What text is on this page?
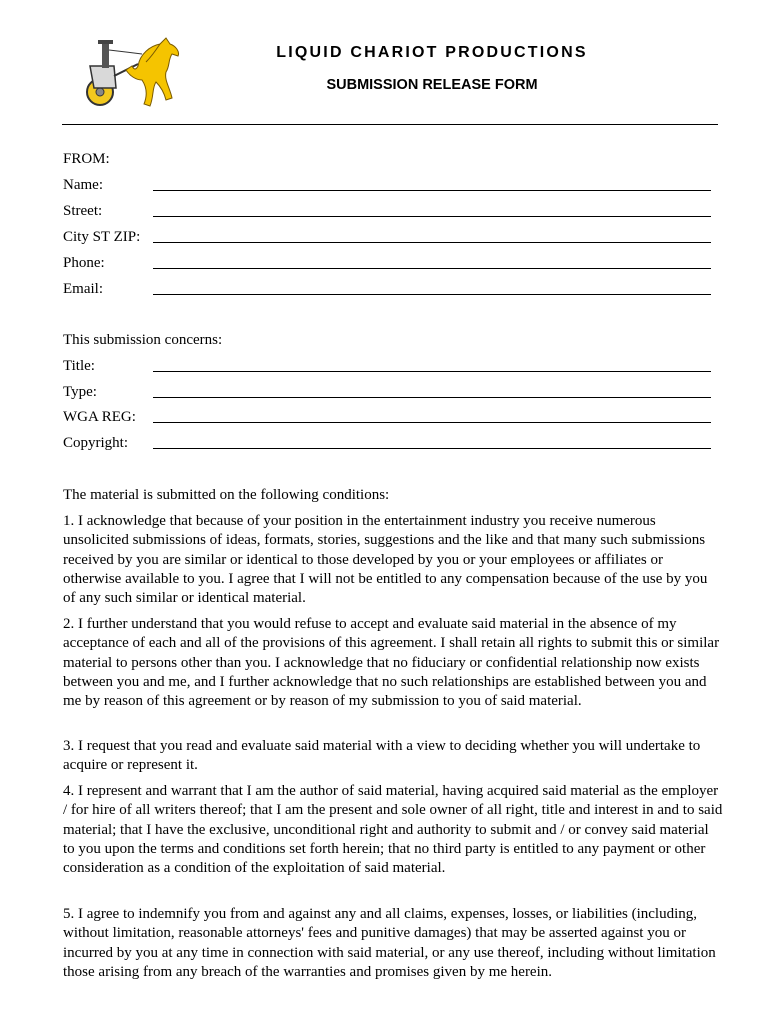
LIQUID CHARIOT PRODUCTIONS
SUBMISSION RELEASE FORM
FROM:
Name:
Street:
City ST ZIP:
Phone:
Email:
This submission concerns:
Title:
Type:
WGA REG:
Copyright:
The material is submitted on the following conditions:
1. I acknowledge that because of your position in the entertainment industry you receive numerous unsolicited submissions of ideas, formats, stories, suggestions and the like and that many such submissions received by you are similar or identical to those developed by you or your employees or affiliates or otherwise available to you. I agree that I will not be entitled to any compensation because of the use by you of any such similar or identical material.
2. I further understand that you would refuse to accept and evaluate said material in the absence of my acceptance of each and all of the provisions of this agreement. I shall retain all rights to submit this or similar material to persons other than you. I acknowledge that no fiduciary or confidential relationship now exists between you and me, and I further acknowledge that no such relationships are established between you and me by reason of this agreement or by reason of my submission to you of said material.
3. I request that you read and evaluate said material with a view to deciding whether you will undertake to acquire or represent it.
4. I represent and warrant that I am the author of said material, having acquired said material as the employer / for hire of all writers thereof; that I am the present and sole owner of all right, title and interest in and to said material; that I have the exclusive, unconditional right and authority to submit and / or convey said material to you upon the terms and conditions set forth herein; that no third party is entitled to any payment or other consideration as a condition of the exploitation of said material.
5. I agree to indemnify you from and against any and all claims, expenses, losses, or liabilities (including, without limitation, reasonable attorneys' fees and punitive damages) that may be asserted against you or incurred by you at any time in connection with said material, or any use thereof, including without limitation those arising from any breach of the warranties and promises given by me herein.
